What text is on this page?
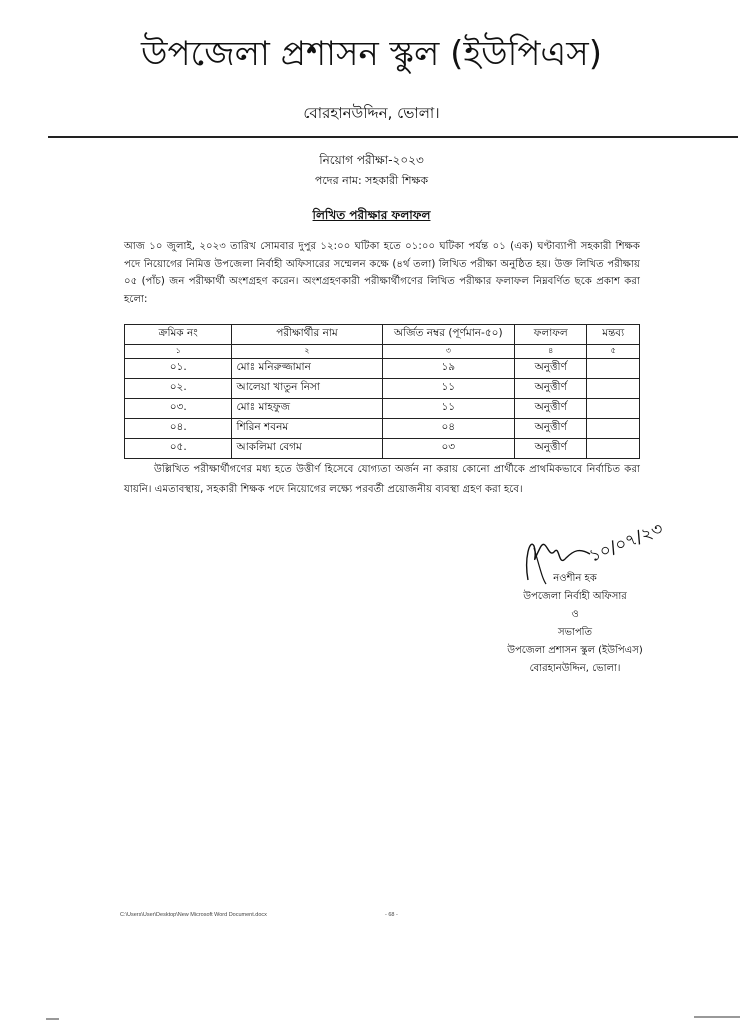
উপজেলা প্রশাসন স্কুল (ইউপিএস)
বোরহানউদ্দিন, ভোলা।
নিয়োগ পরীক্ষা-২০২৩
পদের নাম: সহকারী শিক্ষক
লিখিত পরীক্ষার ফলাফল
আজ ১০ জুলাই, ২০২৩ তারিখ সোমবার দুপুর ১২:০০ ঘটিকা হতে ০১:০০ ঘটিকা পর্যন্ত ০১ (এক) ঘণ্টাব্যাপী সহকারী শিক্ষক পদে নিয়োগের নিমিত্ত উপজেলা নির্বাহী অফিসারের সম্মেলন কক্ষে (৪র্থ তলা) লিখিত পরীক্ষা অনুষ্ঠিত হয়। উক্ত লিখিত পরীক্ষায় ০৫ (পাঁচ) জন পরীক্ষার্থী অংশগ্রহণ করেন। অংশগ্রহণকারী পরীক্ষার্থীগণের লিখিত পরীক্ষার ফলাফল নিম্নবর্ণিত ছকে প্রকাশ করা হলো:
ক্রমিক নং	পরীক্ষার্থীর নাম	অর্জিত নম্বর (পূর্ণমান-৫০)	ফলাফল	মন্তব্য
১	২	৩	৪	৫
০১.	মোঃ মনিরুজ্জামান	১৯	অনুত্তীর্ণ	
০২.	আলেয়া খাতুন নিসা	১১	অনুত্তীর্ণ	
০৩.	মোঃ মাহফুজ	১১	অনুত্তীর্ণ	
০৪.	শিরিন শবনম	০৪	অনুত্তীর্ণ	
০৫.	আকলিমা বেগম	০৩	অনুত্তীর্ণ	
উল্লিখিত পরীক্ষার্থীগণের মধ্য হতে উত্তীর্ণ হিসেবে যোগ্যতা অর্জন না করায় কোনো প্রার্থীকে প্রাথমিকভাবে নির্বাচিত করা যায়নি। এমতাবস্থায়, সহকারী শিক্ষক পদে নিয়োগের লক্ষ্যে পরবর্তী প্রয়োজনীয় ব্যবস্থা গ্রহণ করা হবে।
১০/০৭/২৩
নওশীন হক
উপজেলা নির্বাহী অফিসার
ও
সভাপতি
উপজেলা প্রশাসন স্কুল (ইউপিএস)
বোরহানউদ্দিন, ভোলা।
C:\Users\User\Desktop\New Microsoft Word Document.docx	- 68 -
